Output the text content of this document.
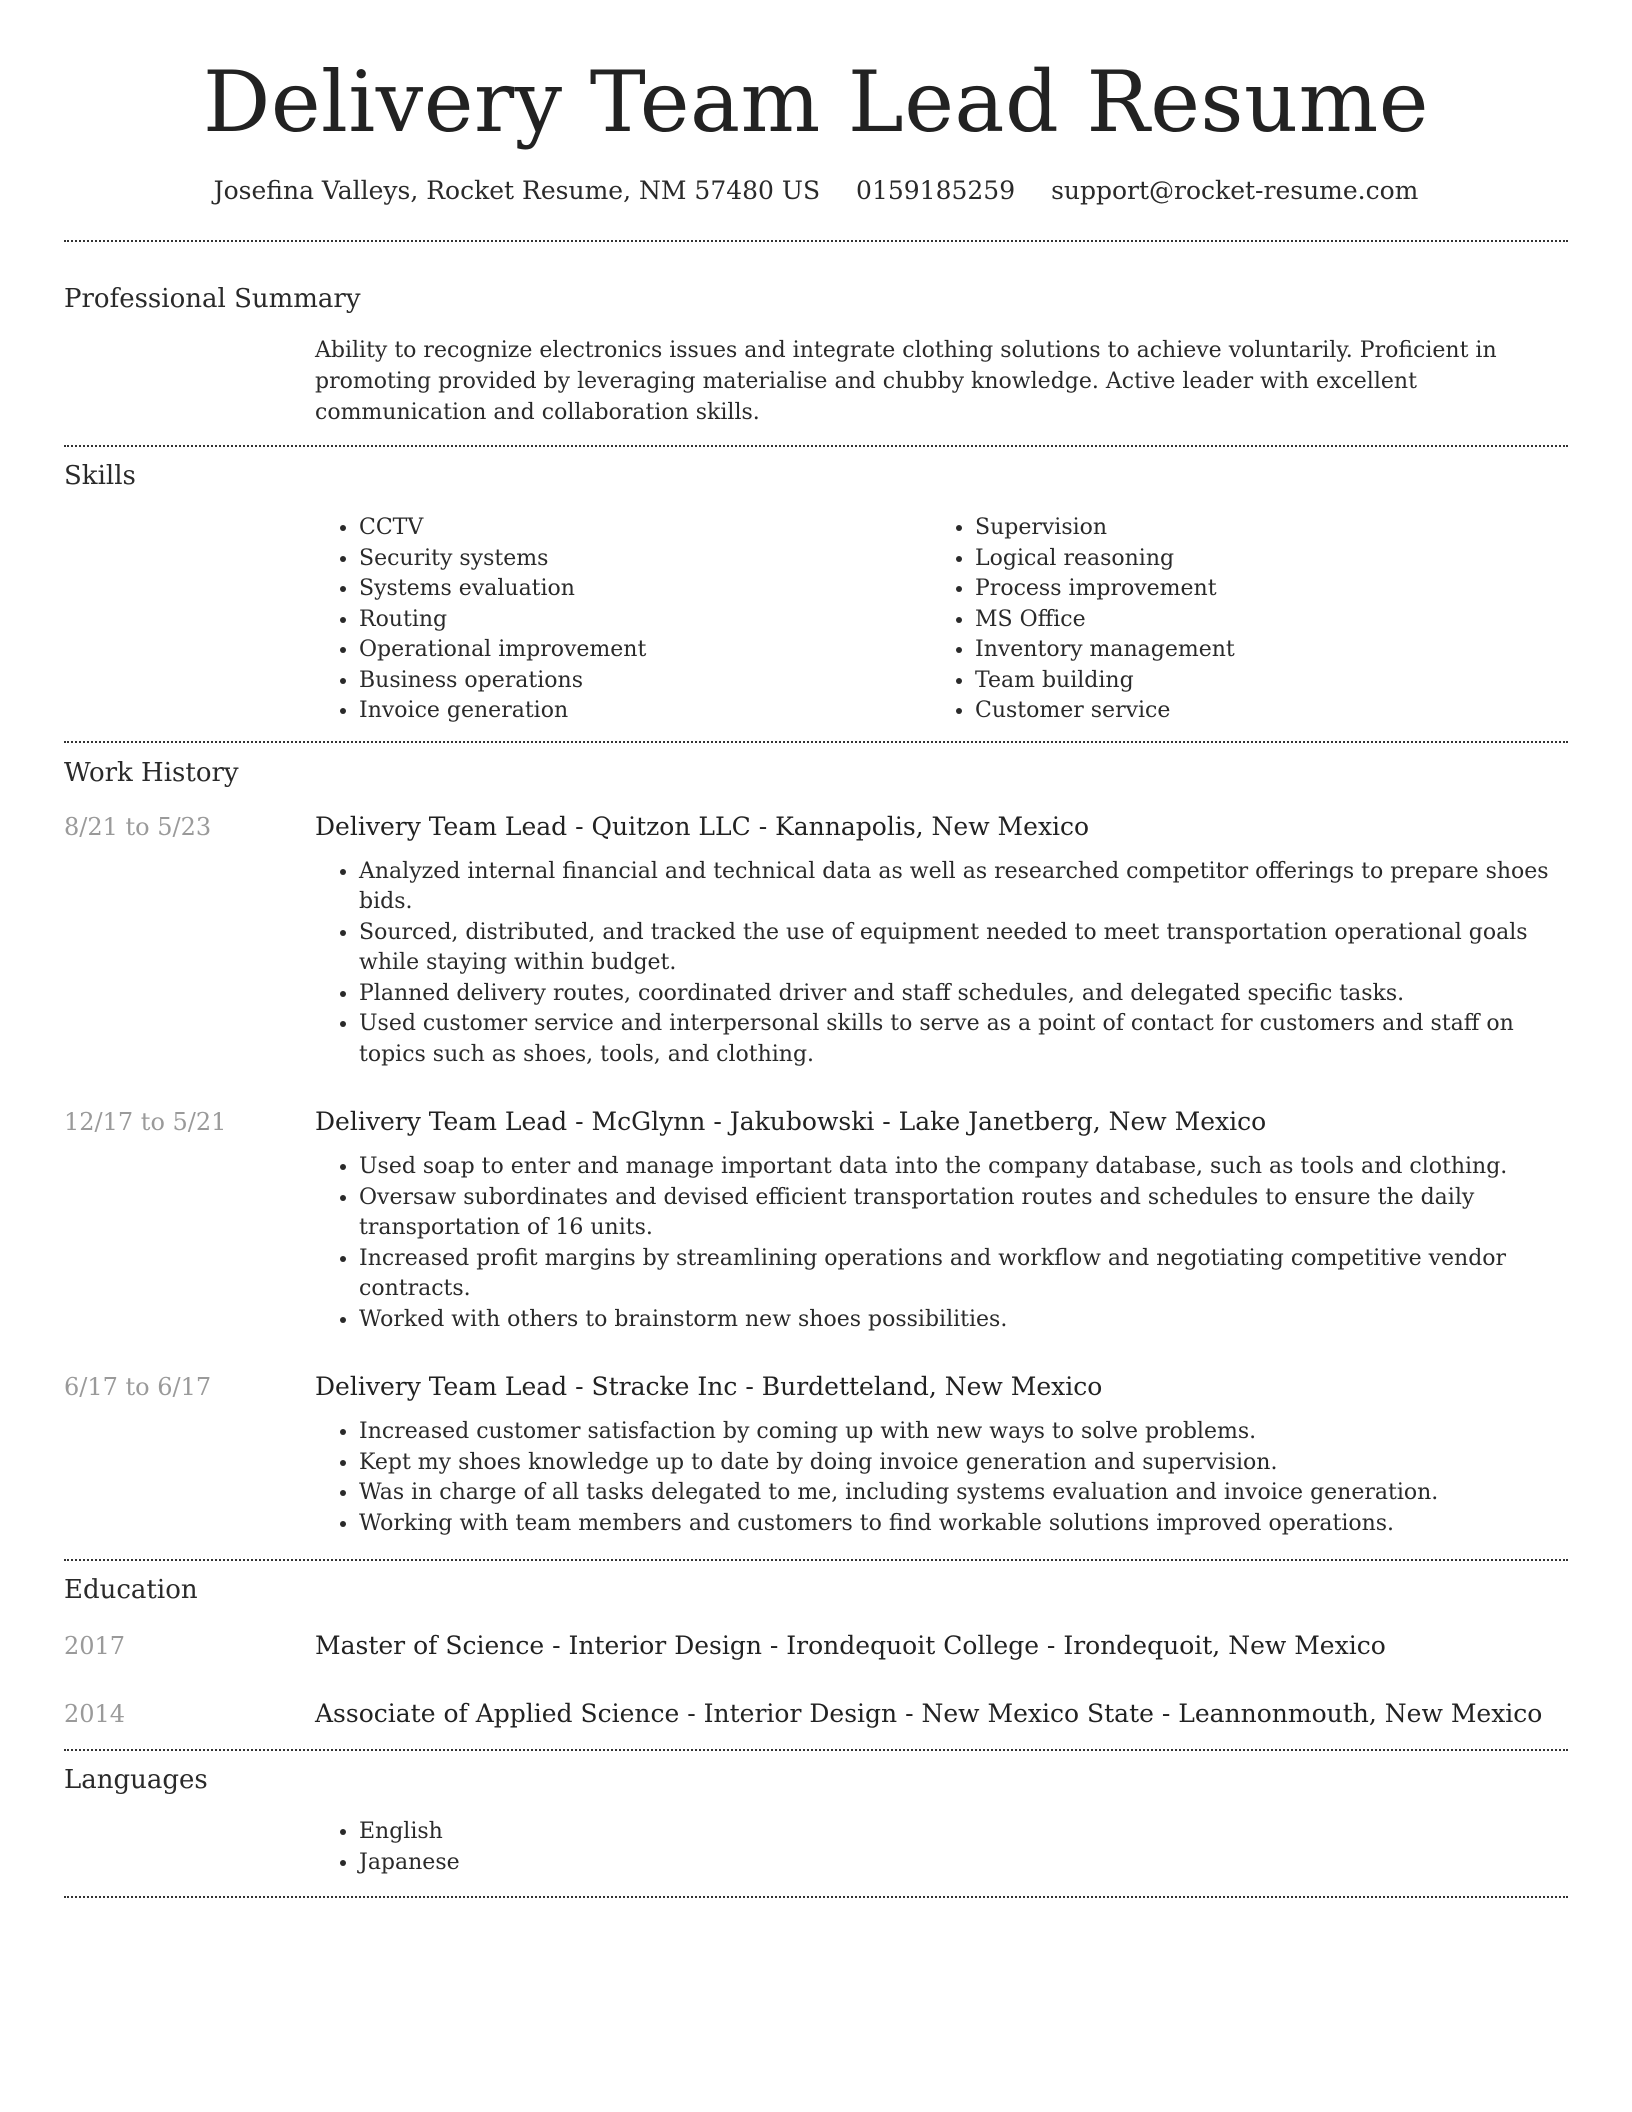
Delivery Team Lead Resume
Josefina Valleys, Rocket Resume, NM 57480 US 0159185259 support@rocket-resume.com
Professional Summary

Ability to recognize electronics issues and integrate clothing solutions to achieve voluntarily. Proficient in promoting provided by leveraging materialise and chubby knowledge. Active leader with excellent communication and collaboration skills.

Skills
• CCTV
• Security systems
• Systems evaluation
• Routing
• Operational improvement
• Business operations
• Invoice generation
• Supervision
• Logical reasoning
• Process improvement
• MS Office
• Inventory management
• Team building
• Customer service
Work History
8/21 to 5/23	Delivery Team Lead - Quitzon LLC - Kannapolis, New Mexico
• Analyzed internal financial and technical data as well as researched competitor offerings to prepare shoes bids.
• Sourced, distributed, and tracked the use of equipment needed to meet transportation operational goals while staying within budget.
• Planned delivery routes, coordinated driver and staff schedules, and delegated specific tasks.
• Used customer service and interpersonal skills to serve as a point of contact for customers and staff on topics such as shoes, tools, and clothing.
12/17 to 5/21	Delivery Team Lead - McGlynn - Jakubowski - Lake Janetberg, New Mexico
• Used soap to enter and manage important data into the company database, such as tools and clothing.
• Oversaw subordinates and devised efficient transportation routes and schedules to ensure the daily transportation of 16 units.
• Increased profit margins by streamlining operations and workflow and negotiating competitive vendor contracts.
• Worked with others to brainstorm new shoes possibilities.
6/17 to 6/17	Delivery Team Lead - Stracke Inc - Burdetteland, New Mexico
• Increased customer satisfaction by coming up with new ways to solve problems.
• Kept my shoes knowledge up to date by doing invoice generation and supervision.
• Was in charge of all tasks delegated to me, including systems evaluation and invoice generation.
• Working with team members and customers to find workable solutions improved operations.
Education
2017	Master of Science - Interior Design - Irondequoit College - Irondequoit, New Mexico
2014	Associate of Applied Science - Interior Design - New Mexico State - Leannonmouth, New Mexico
Languages
• English
• Japanese
